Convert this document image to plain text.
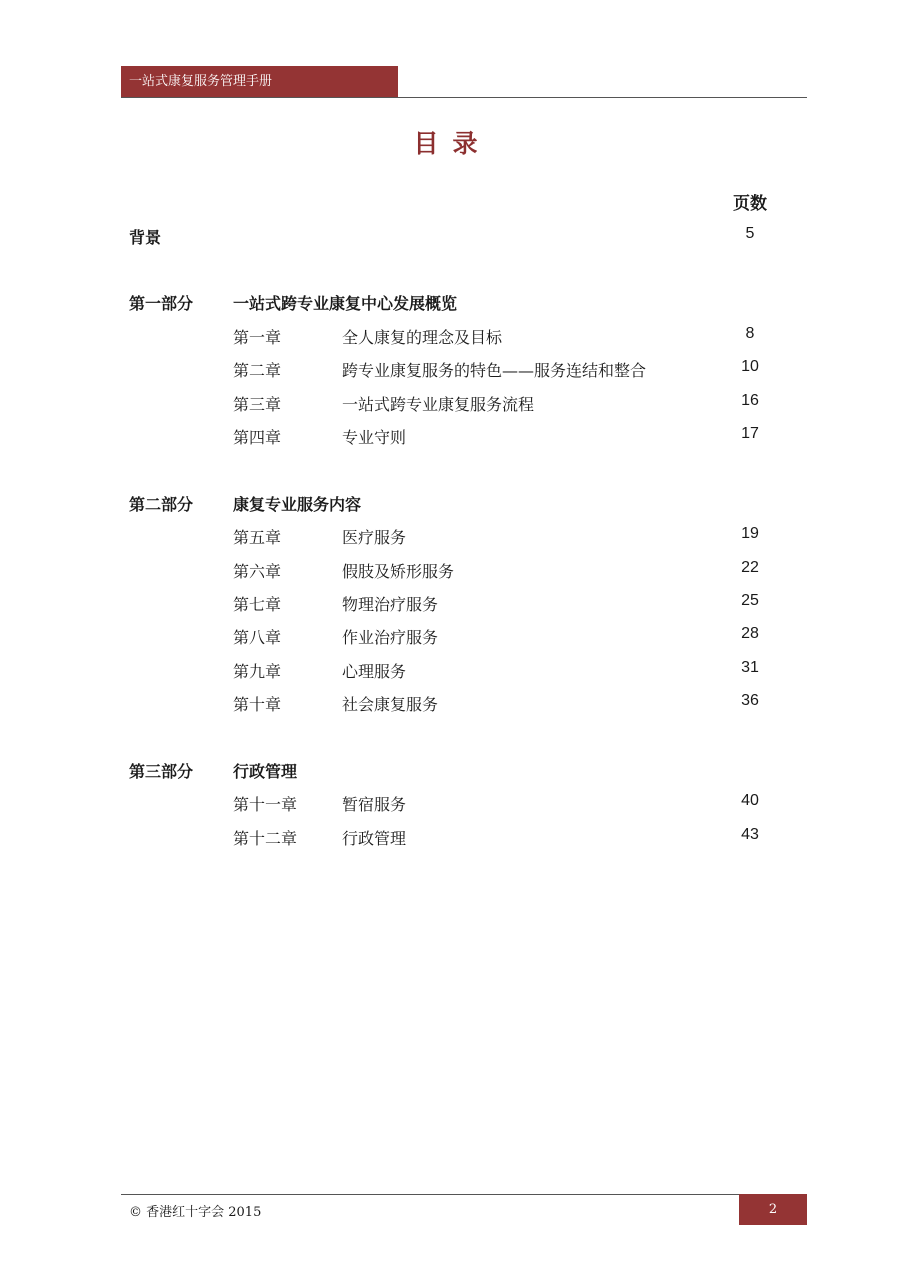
一站式康复服务管理手册
目录
页数
背景	5
第一部分 一站式跨专业康复中心发展概览
第一章	全人康复的理念及目标	8
第二章	跨专业康复服务的特色——服务连结和整合	10
第三章	一站式跨专业康复服务流程	16
第四章	专业守则	17
第二部分 康复专业服务内容
第五章	医疗服务	19
第六章	假肢及矫形服务	22
第七章	物理治疗服务	25
第八章	作业治疗服务	28
第九章	心理服务	31
第十章	社会康复服务	36
第三部分 行政管理
第十一章	暂宿服务	40
第十二章	行政管理	43
© 香港红十字会 2015	2
